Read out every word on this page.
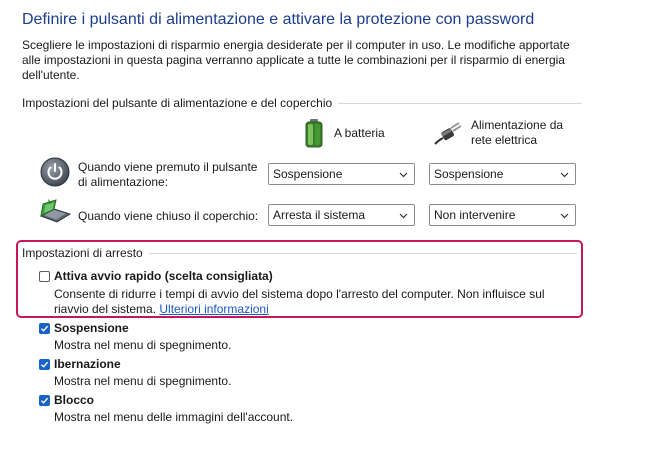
Definire i pulsanti di alimentazione e attivare la protezione con password
Scegliere le impostazioni di risparmio energia desiderate per il computer in uso. Le modifiche apportate alle impostazioni in questa pagina verranno applicate a tutte le combinazioni per il risparmio di energia dell'utente.
Impostazioni del pulsante di alimentazione e del coperchio
A batteria
Alimentazione da rete elettrica
Quando viene premuto il pulsante di alimentazione:
Sospensione	Sospensione
Quando viene chiuso il coperchio: Arresta il sistema	Non intervenire
Impostazioni di arresto
Attiva avvio rapido (scelta consigliata)
Consente di ridurre i tempi di avvio del sistema dopo l'arresto del computer. Non influisce sul riavvio del sistema. Ulteriori informazioni
Sospensione
Mostra nel menu di spegnimento.
Ibernazione
Mostra nel menu di spegnimento.
Blocco
Mostra nel menu delle immagini dell'account.
